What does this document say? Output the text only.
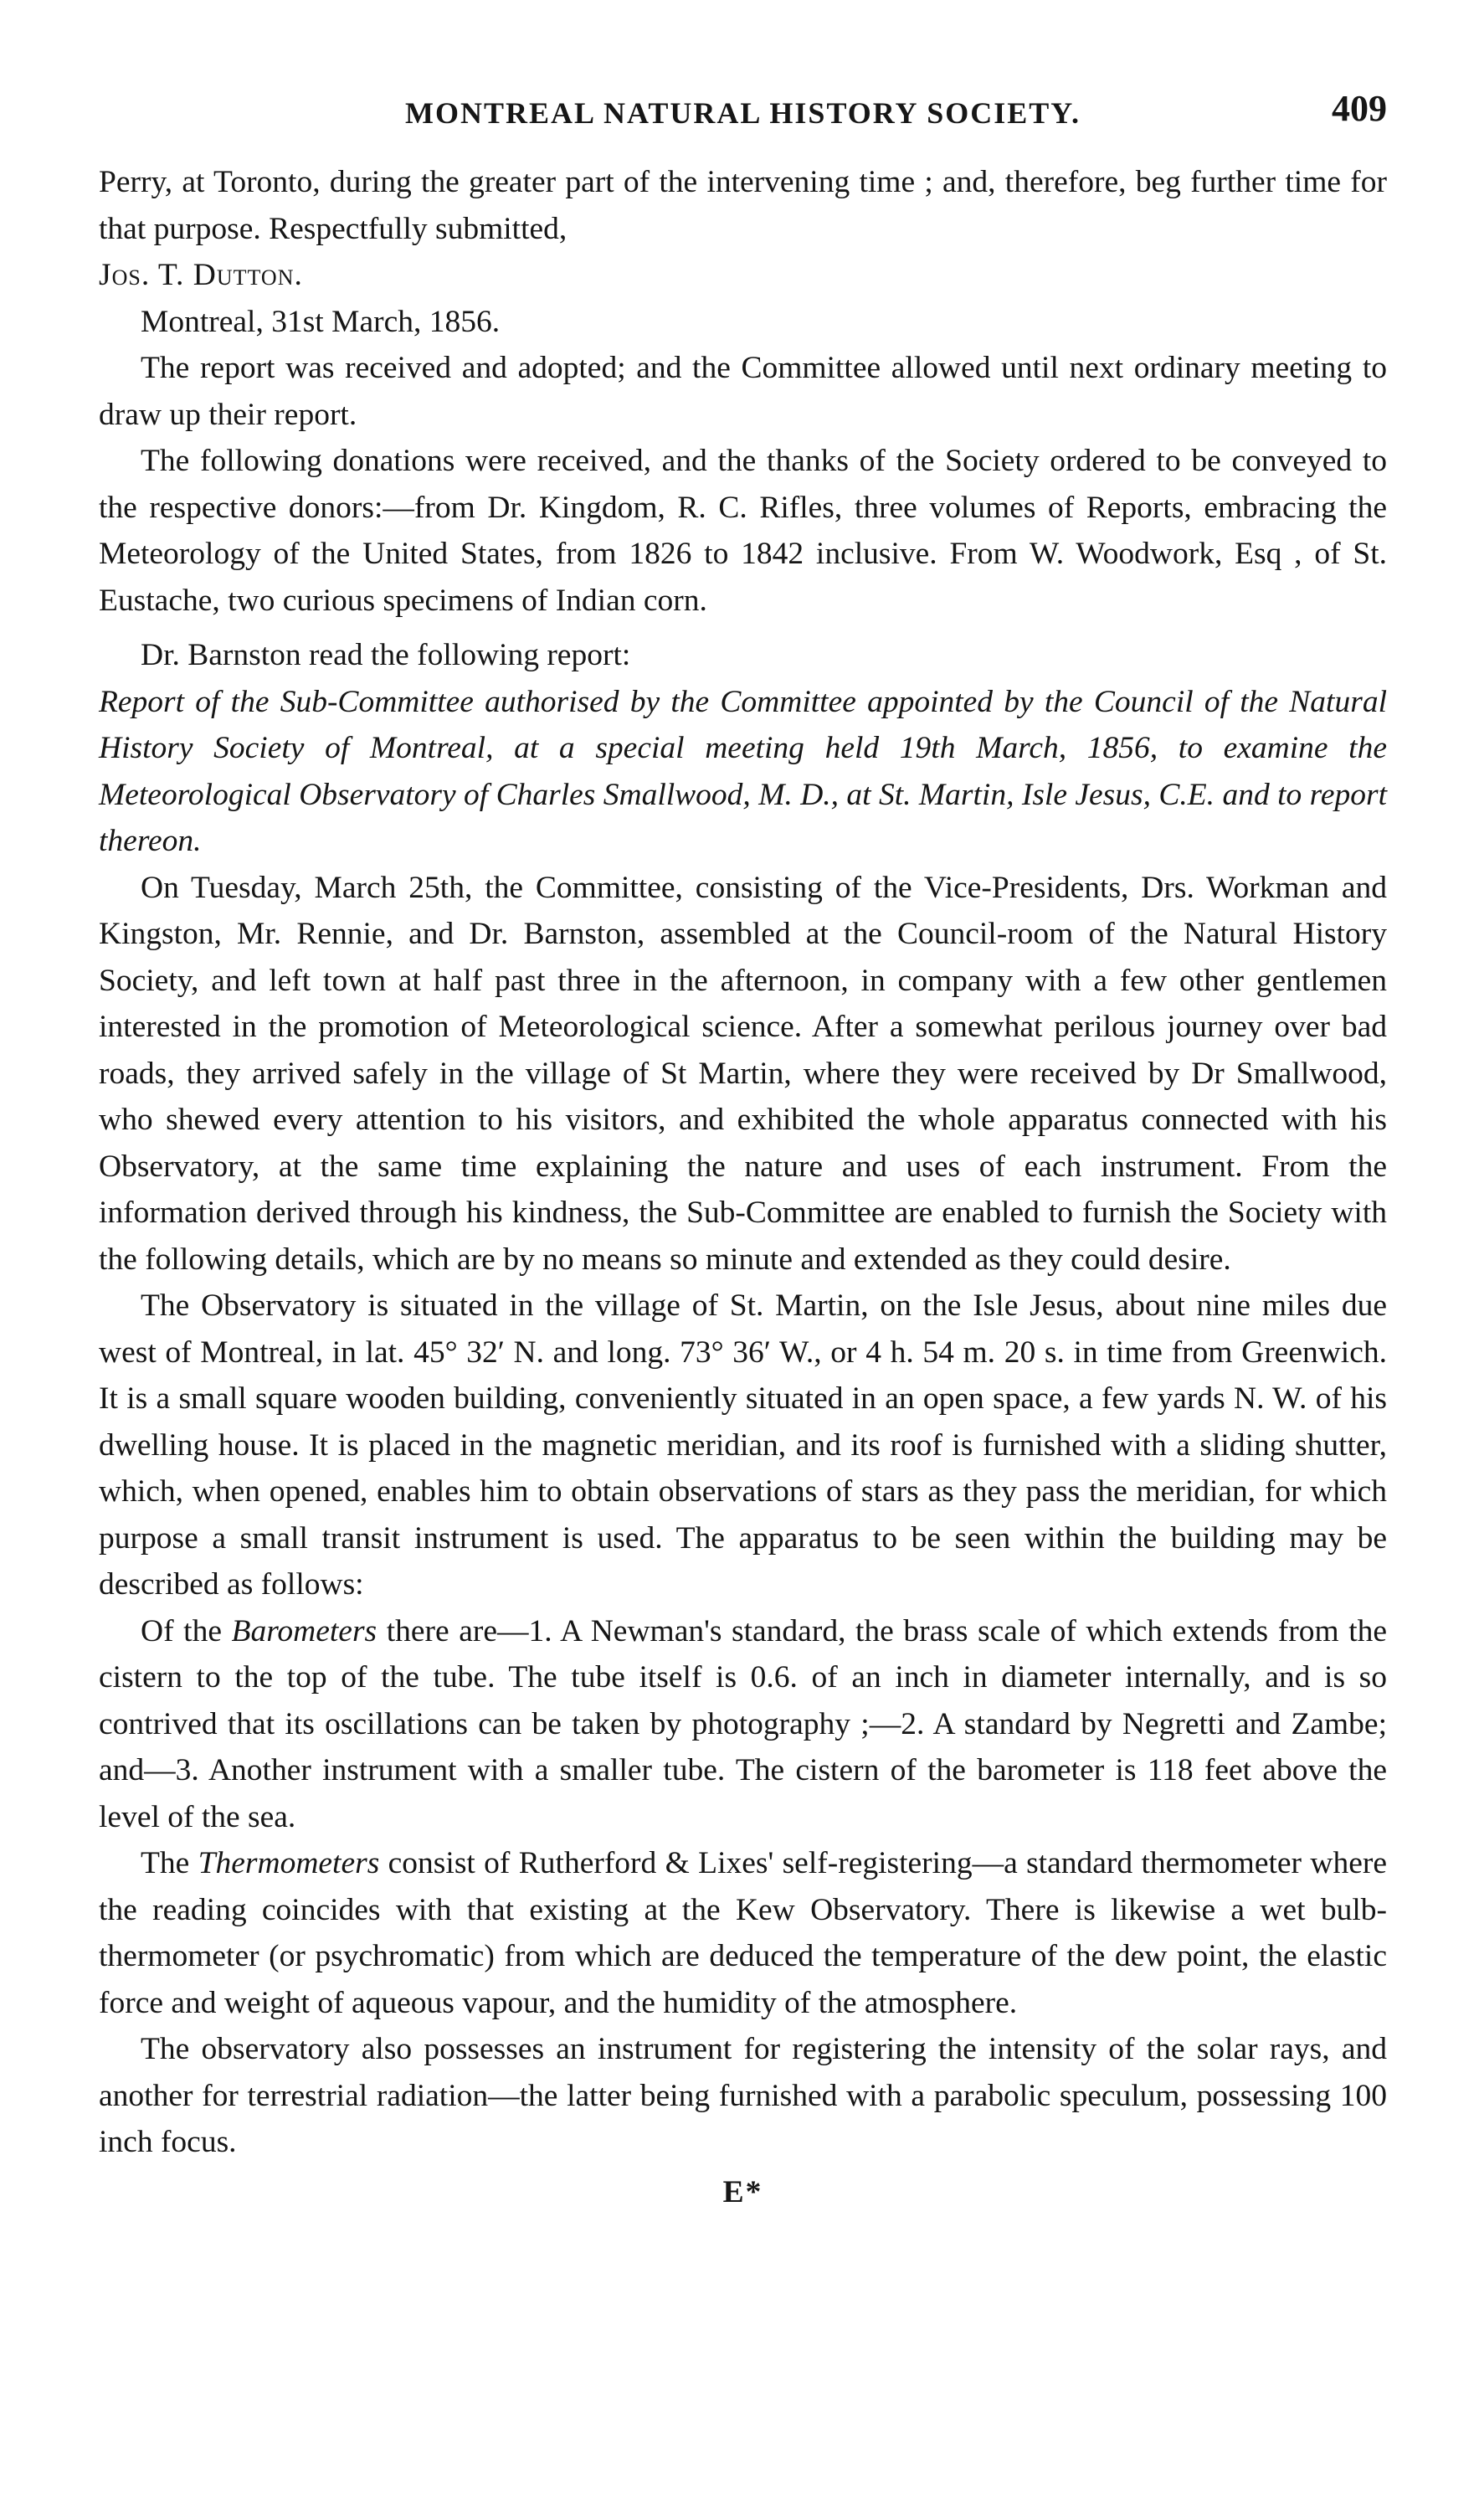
MONTREAL NATURAL HISTORY SOCIETY.	409

Perry, at Toronto, during the greater part of the intervening time ; and, therefore, beg further time for that purpose. Respectfully submitted,

Jos. T. Dutton.

Montreal, 31st March, 1856.

The report was received and adopted; and the Committee allowed until next ordinary meeting to draw up their report.

The following donations were received, and the thanks of the Society ordered to be conveyed to the respective donors:—from Dr. Kingdom, R. C. Rifles, three volumes of Reports, embracing the Meteorology of the United States, from 1826 to 1842 inclusive. From W. Woodwork, Esq , of St. Eustache, two curious specimens of Indian corn.

Dr. Barnston read the following report:

Report of the Sub-Committee authorised by the Committee appointed by the Council of the Natural History Society of Montreal, at a special meeting held 19th March, 1856, to examine the Meteorological Observatory of Charles Smallwood, M. D., at St. Martin, Isle Jesus, C.E. and to report thereon.

On Tuesday, March 25th, the Committee, consisting of the Vice-Presidents, Drs. Workman and Kingston, Mr. Rennie, and Dr. Barnston, assembled at the Council-room of the Natural History Society, and left town at half past three in the afternoon, in company with a few other gentlemen interested in the promotion of Meteorological science. After a somewhat perilous journey over bad roads, they arrived safely in the village of St Martin, where they were received by Dr Smallwood, who shewed every attention to his visitors, and exhibited the whole apparatus connected with his Observatory, at the same time explaining the nature and uses of each instrument. From the information derived through his kindness, the Sub-Committee are enabled to furnish the Society with the following details, which are by no means so minute and extended as they could desire.

The Observatory is situated in the village of St. Martin, on the Isle Jesus, about nine miles due west of Montreal, in lat. 45° 32′ N. and long. 73° 36′ W., or 4 h. 54 m. 20 s. in time from Greenwich. It is a small square wooden building, conveniently situated in an open space, a few yards N. W. of his dwelling house. It is placed in the magnetic meridian, and its roof is furnished with a sliding shutter, which, when opened, enables him to obtain observations of stars as they pass the meridian, for which purpose a small transit instrument is used. The apparatus to be seen within the building may be described as follows:

Of the Barometers there are—1. A Newman's standard, the brass scale of which extends from the cistern to the top of the tube. The tube itself is 0.6. of an inch in diameter internally, and is so contrived that its oscillations can be taken by photography ;—2. A standard by Negretti and Zambe; and—3. Another instrument with a smaller tube. The cistern of the barometer is 118 feet above the level of the sea.

The Thermometers consist of Rutherford & Lixes' self-registering—a standard thermometer where the reading coincides with that existing at the Kew Observatory. There is likewise a wet bulb-thermometer (or psychromatic) from which are deduced the temperature of the dew point, the elastic force and weight of aqueous vapour, and the humidity of the atmosphere.

The observatory also possesses an instrument for registering the intensity of the solar rays, and another for terrestrial radiation—the latter being furnished with a parabolic speculum, possessing 100 inch focus.

E*
